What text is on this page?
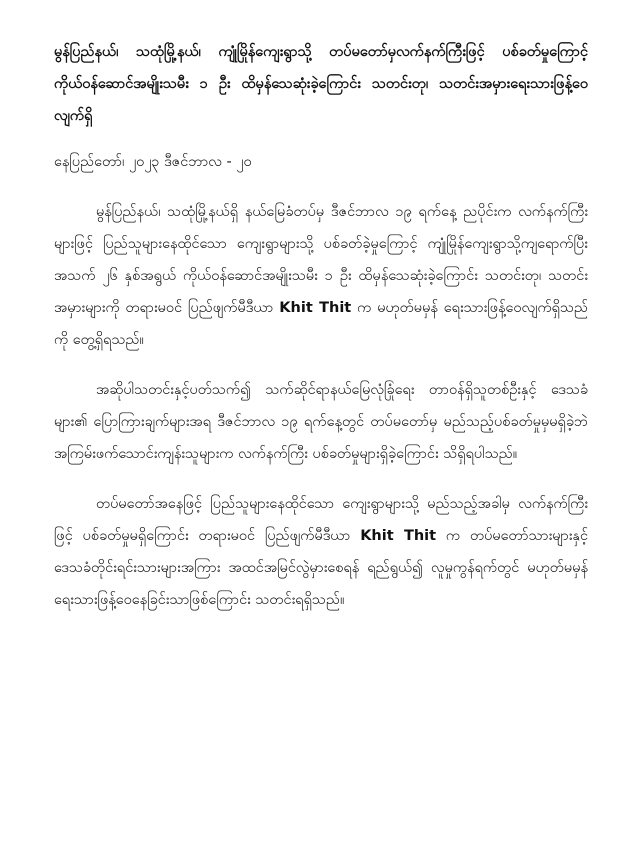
မွန်ပြည်နယ်၊ သထုံမြို့နယ်၊ ကျုံမြိုန်ကျေးရွာသို့ တပ်မတော်မှလက်နက်ကြီးဖြင့် ပစ်ခတ်မှုကြောင့် ကိုယ်ဝန်ဆောင်အမျိုးသမီး ၁ ဦး ထိမှန်သေဆုံးခဲ့ကြောင်း သတင်းတု၊ သတင်းအမှားရေးသားဖြန့်ဝေလျက်ရှိ

နေပြည်တော်၊ ၂၀၂၃ ဒီဇင်ဘာလ - ၂၀

မွန်ပြည်နယ်၊ သထုံမြို့နယ်ရှိ နယ်မြေခံတပ်မှ ဒီဇင်ဘာလ ၁၉ ရက်နေ့ ညပိုင်းက လက်နက်ကြီးများဖြင့် ပြည်သူများနေထိုင်သော ကျေးရွာများသို့ ပစ်ခတ်ခဲ့မှုကြောင့် ကျုံမြိုန်ကျေးရွာသို့ကျရောက်ပြီး အသက် ၂၆ နှစ်အရွယ် ကိုယ်ဝန်ဆောင်အမျိုးသမီး ၁ ဦး ထိမှန်သေဆုံးခဲ့ကြောင်း သတင်းတု၊ သတင်းအမှားများကို တရားမဝင် ပြည်ဖျက်မီဒီယာ Khit Thit က မဟုတ်မမှန် ရေးသားဖြန့်ဝေလျက်ရှိသည်ကို တွေ့ရှိရသည်။

အဆိုပါသတင်းနှင့်ပတ်သက်၍ သက်ဆိုင်ရာနယ်မြေလုံခြုံရေး တာဝန်ရှိသူတစ်ဦးနှင့် ဒေသခံများ၏ ပြောကြားချက်များအရ ဒီဇင်ဘာလ ၁၉ ရက်နေ့တွင် တပ်မတော်မှ မည်သည့်ပစ်ခတ်မှုမှမရှိခဲ့ဘဲ အကြမ်းဖက်သောင်းကျန်းသူများက လက်နက်ကြီး ပစ်ခတ်မှုများရှိခဲ့ကြောင်း သိရှိရပါသည်။

တပ်မတော်အနေဖြင့် ပြည်သူများနေထိုင်သော ကျေးရွာများသို့ မည်သည့်အခါမှ လက်နက်ကြီးဖြင့် ပစ်ခတ်မှုမရှိကြောင်း တရားမဝင် ပြည်ဖျက်မီဒီယာ Khit Thit က တပ်မတော်သားများနှင့် ဒေသခံတိုင်းရင်းသားများအကြား အထင်အမြင်လွဲမှားစေရန် ရည်ရွယ်၍ လူမှုကွန်ရက်တွင် မဟုတ်မမှန် ရေးသားဖြန့်ဝေနေခြင်းသာဖြစ်ကြောင်း သတင်းရရှိသည်။
